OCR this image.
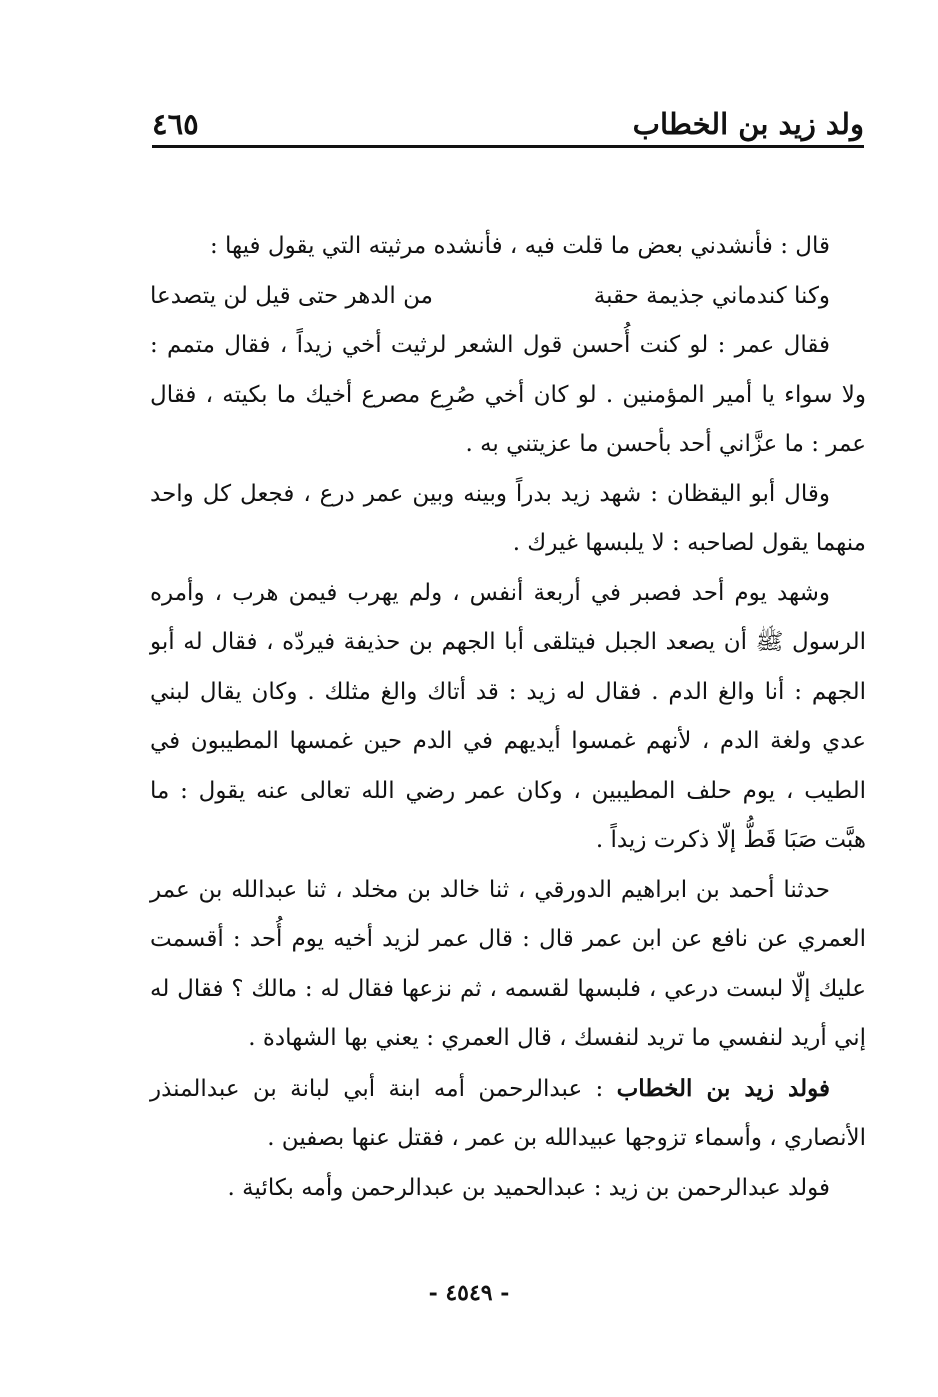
ولد زيد بن الخطاب
٤٦٥

قال : فأنشدني بعض ما قلت فيه ، فأنشده مرثيته التي يقول فيها :

وكنا كندماني جذيمة حقبة
من الدهر حتى قيل لن يتصدعا

فقال عمر : لو كنت أُحسن قول الشعر لرثيت أخي زيداً ، فقال متمم : ولا سواء يا أمير المؤمنين . لو كان أخي صُرِع مصرع أخيك ما بكيته ، فقال عمر : ما عزَّاني أحد بأحسن ما عزيتني به .

وقال أبو اليقظان : شهد زيد بدراً وبينه وبين عمر درع ، فجعل كل واحد منهما يقول لصاحبه : لا يلبسها غيرك .

وشهد يوم أحد فصبر في أربعة أنفس ، ولم يهرب فيمن هرب ، وأمره الرسول ﷺ أن يصعد الجبل فيتلقى أبا الجهم بن حذيفة فيردّه ، فقال له أبو الجهم : أنا والغ الدم . فقال له زيد : قد أتاك والغ مثلك . وكان يقال لبني عدي ولغة الدم ، لأنهم غمسوا أيديهم في الدم حين غمسها المطيبون في الطيب ، يوم حلف المطيبين ، وكان عمر رضي الله تعالى عنه يقول : ما هبَّت صَبَا قَطُّ إلّا ذكرت زيداً .

حدثنا أحمد بن ابراهيم الدورقي ، ثنا خالد بن مخلد ، ثنا عبدالله بن عمر العمري عن نافع عن ابن عمر قال : قال عمر لزيد أخيه يوم أُحد : أقسمت عليك إلّا لبست درعي ، فلبسها لقسمه ، ثم نزعها فقال له : مالك ؟ فقال له إني أريد لنفسي ما تريد لنفسك ، قال العمري : يعني بها الشهادة .

فولد زيد بن الخطاب : عبدالرحمن أمه ابنة أبي لبانة بن عبدالمنذر الأنصاري ، وأسماء تزوجها عبيدالله بن عمر ، فقتل عنها بصفين .

فولد عبدالرحمن بن زيد : عبدالحميد بن عبدالرحمن وأمه بكائية .

- ٤٥٤٩ -
